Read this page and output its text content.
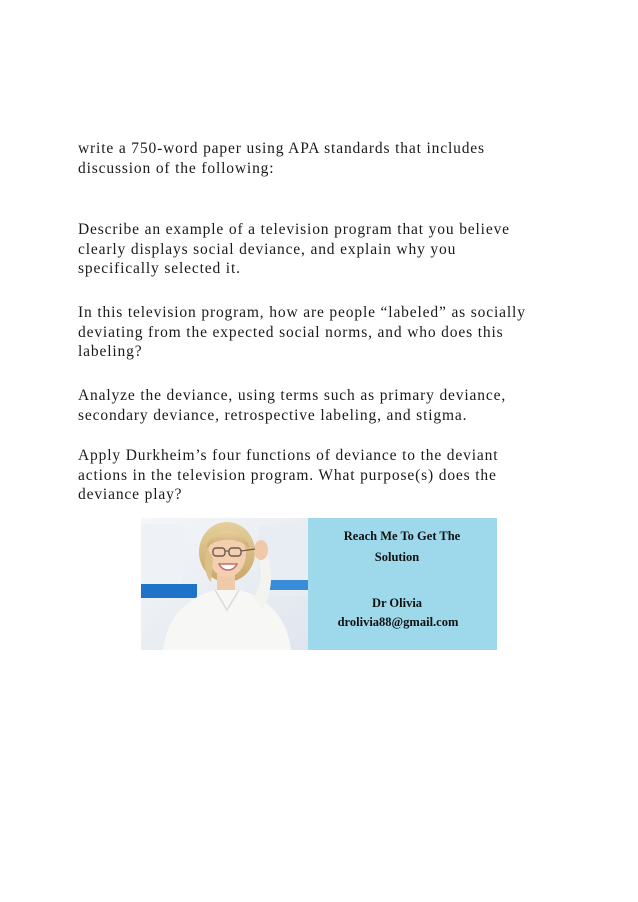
write a 750-word paper using APA standards that includes
discussion of the following:

Describe an example of a television program that you believe
clearly displays social deviance, and explain why you
specifically selected it.

In this television program, how are people “labeled” as socially
deviating from the expected social norms, and who does this
labeling?

Analyze the deviance, using terms such as primary deviance,
secondary deviance, retrospective labeling, and stigma.

Apply Durkheim’s four functions of deviance to the deviant
actions in the television program. What purpose(s) does the
deviance play?

Reach Me To Get The
Solution
Dr Olivia
drolivia88@gmail.com
